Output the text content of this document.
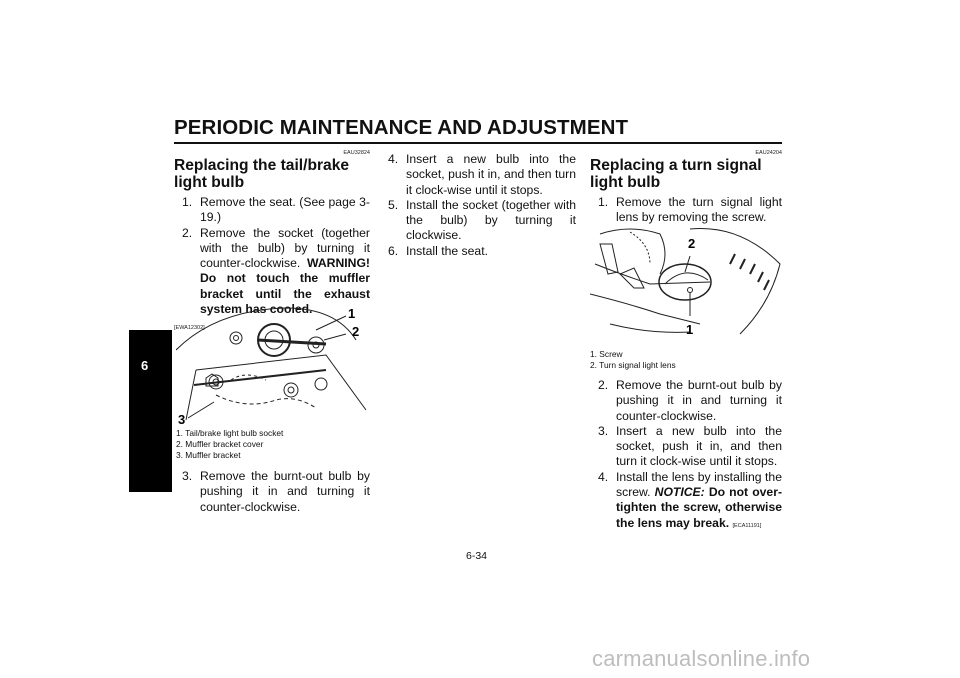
PERIODIC MAINTENANCE AND ADJUSTMENT
6
EAU32824
Replacing the tail/brake light bulb
1. Remove the seat. (See page 3-19.)
2. Remove the socket (together with the bulb) by turning it counter-clockwise. WARNING! Do not touch the muffler bracket until the exhaust system has cooled.
[EWA12302]
1
2
3
1. Tail/brake light bulb socket
2. Muffler bracket cover
3. Muffler bracket
3. Remove the burnt-out bulb by pushing it in and turning it counter-clockwise.
4. Insert a new bulb into the socket, push it in, and then turn it clock-wise until it stops.
5. Install the socket (together with the bulb) by turning it clockwise.
6. Install the seat.
EAU24204
Replacing a turn signal light bulb
1. Remove the turn signal light lens by removing the screw.
2
1
1. Screw
2. Turn signal light lens
2. Remove the burnt-out bulb by pushing it in and turning it counter-clockwise.
3. Insert a new bulb into the socket, push it in, and then turn it clock-wise until it stops.
4. Install the lens by installing the screw. NOTICE: Do not over-tighten the screw, otherwise the lens may break. [ECA11191]
6-34
carmanualsonline.info
